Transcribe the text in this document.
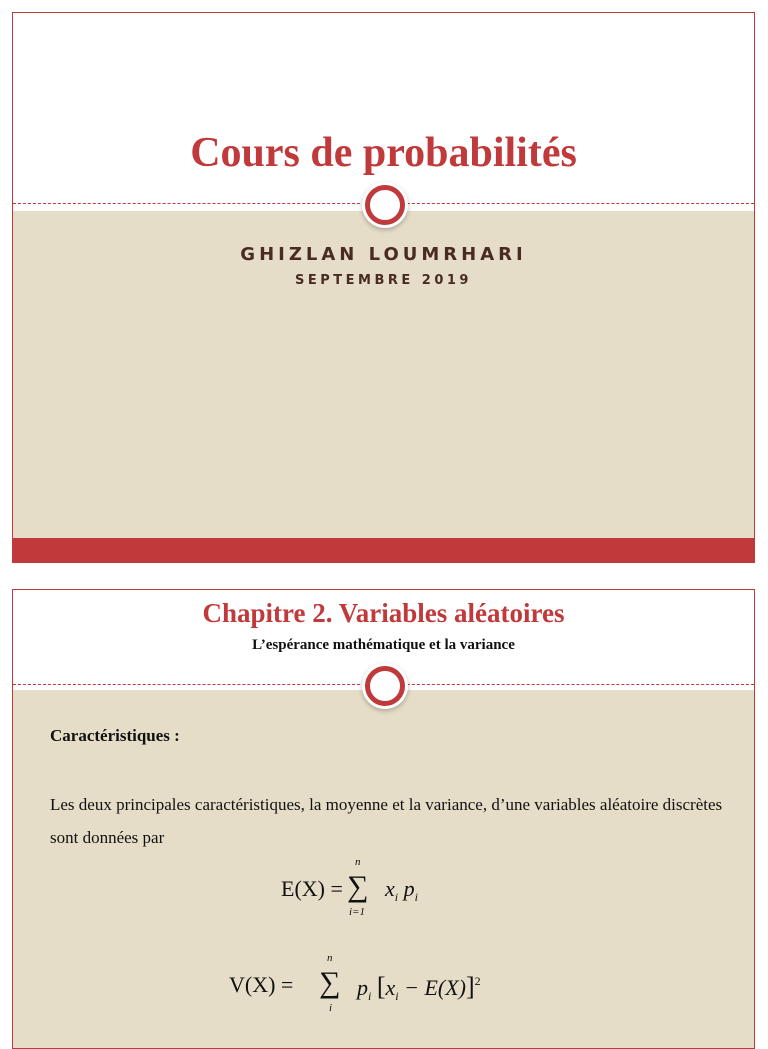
Cours de probabilités
GHIZLAN LOUMRHARI
SEPTEMBRE 2019
Chapitre 2. Variables aléatoires
L’espérance mathématique et la variance
Caractéristiques :
Les deux principales caractéristiques, la moyenne et la variance, d’une variables aléatoire discrètes sont données par
E(X) = ∑
n
i=1
$x_i$ $p_i$
V(X) = ∑
n
i
$p_i$ $[x_i - E(X)]^2$
